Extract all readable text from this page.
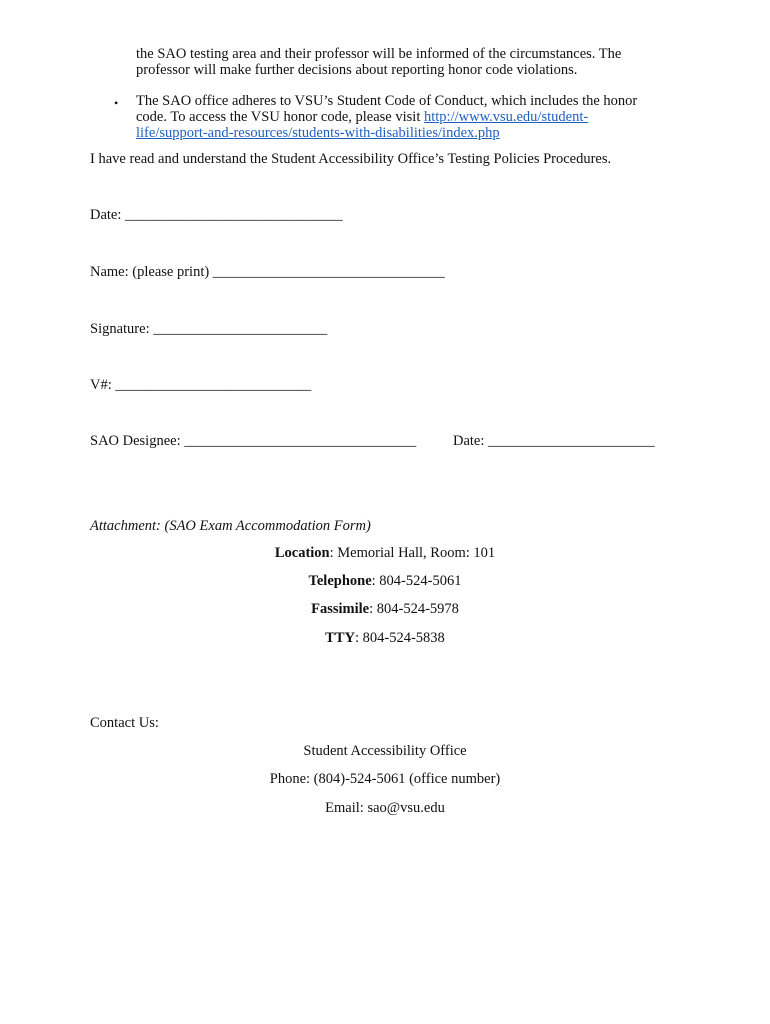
the SAO testing area and their professor will be informed of the circumstances. The
professor will make further decisions about reporting honor code violations.
• The SAO office adheres to VSU’s Student Code of Conduct, which includes the honor
code. To access the VSU honor code, please visit http://www.vsu.edu/student-
life/support-and-resources/students-with-disabilities/index.php
I have read and understand the Student Accessibility Office’s Testing Policies Procedures.
Date: ______________________________
Name: (please print) ________________________________
Signature: ________________________
V#: ___________________________
SAO Designee: ________________________________	Date: _______________________
Attachment: (SAO Exam Accommodation Form)
Location: Memorial Hall, Room: 101
Telephone: 804-524-5061
Fassimile: 804-524-5978
TTY: 804-524-5838
Contact Us:
Student Accessibility Office
Phone: (804)-524-5061 (office number)
Email: sao@vsu.edu
